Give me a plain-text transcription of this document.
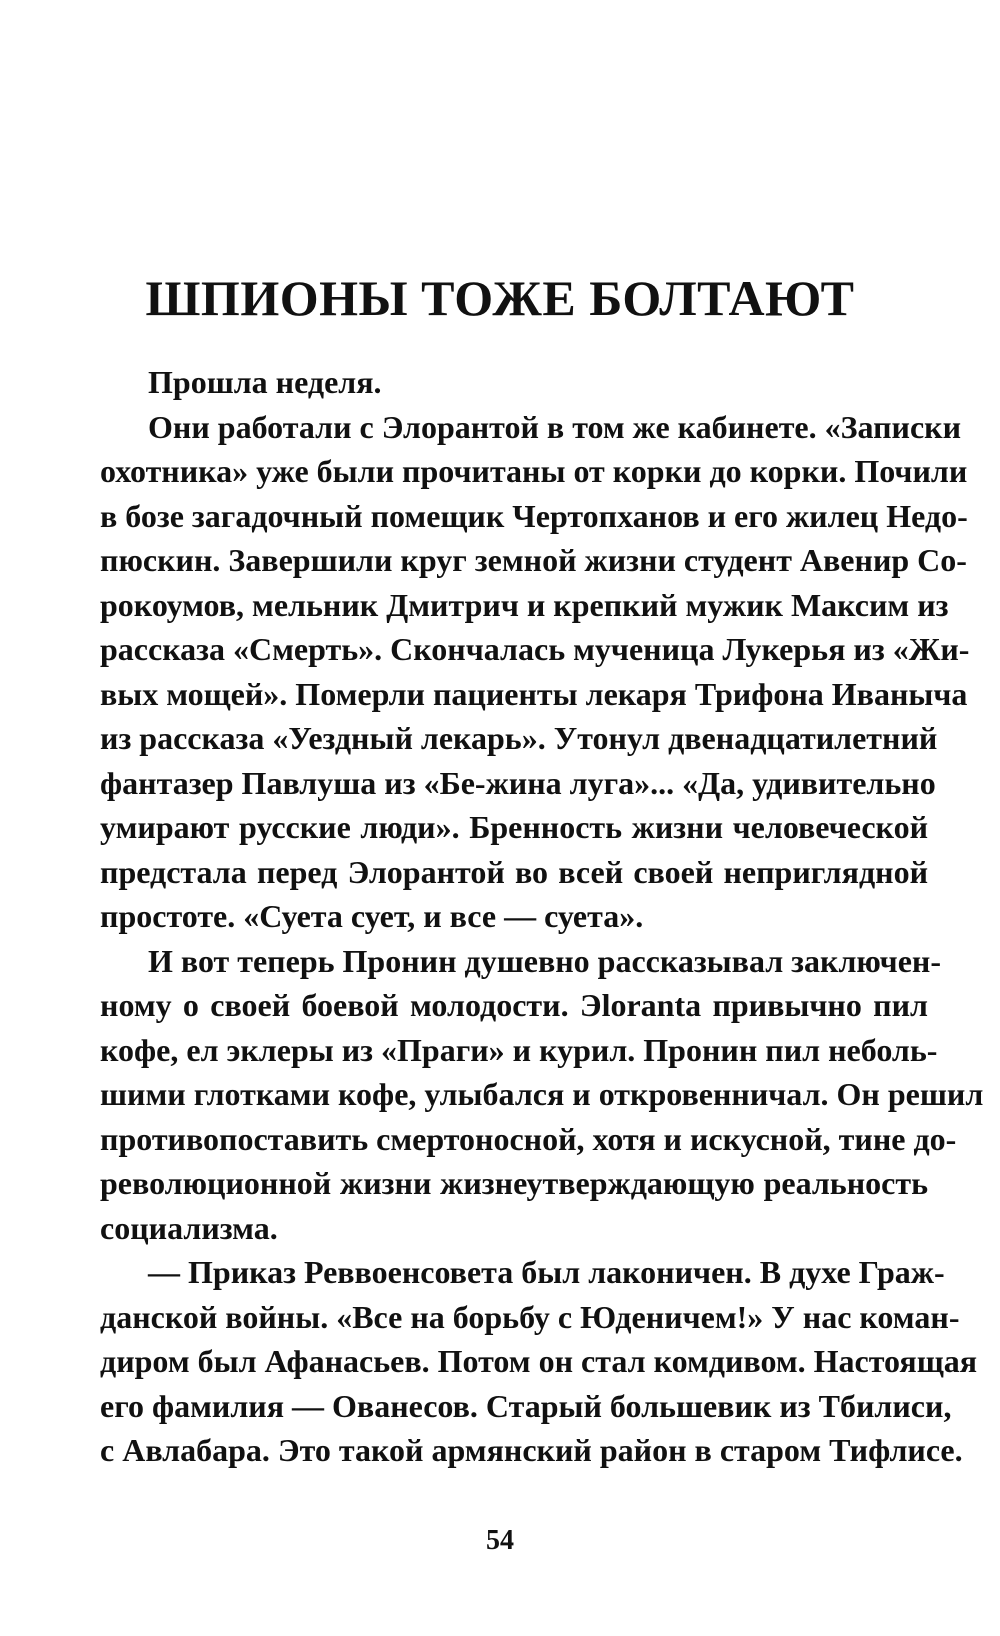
ШПИОНЫ ТОЖЕ БОЛТАЮТ

Прошла неделя.

Они работали с Элорантой в том же кабинете. «Записки
охотника» уже были прочитаны от корки до корки. Почили
в бозе загадочный помещик Чертопханов и его жилец Недо-
пюскин. Завершили круг земной жизни студент Авенир Со-
рокоумов, мельник Дмитрич и крепкий мужик Максим из
рассказа «Смерть». Скончалась мученица Лукерья из «Жи-
вых мощей». Померли пациенты лекаря Трифона Иваныча
из рассказа «Уездный лекарь». Утонул двенадцатилетний
фантазер Павлуша из «Бе-жина луга»... «Да, удивительно
умирают русские люди». Бренность жизни человеческой
предстала перед Элорантой во всей своей неприглядной
простоте. «Суета сует, и все — суета».

И вот теперь Пронин душевно рассказывал заключен-
ному о своей боевой молодости. Эloranta привычно пил
кофе, ел эклеры из «Праги» и курил. Пронин пил неболь-
шими глотками кофе, улыбался и откровенничал. Он решил
противопоставить смертоносной, хотя и искусной, тине до-
революционной жизни жизнеутверждающую реальность
социализма.

— Приказ Реввоенсовета был лаконичен. В духе Граж-
данской войны. «Все на борьбу с Юденичем!» У нас коман-
диром был Афанасьев. Потом он стал комдивом. Настоящая
его фамилия — Ованесов. Старый большевик из Тбилиси,
с Авлабара. Это такой армянский район в старом Тифлисе.

54
